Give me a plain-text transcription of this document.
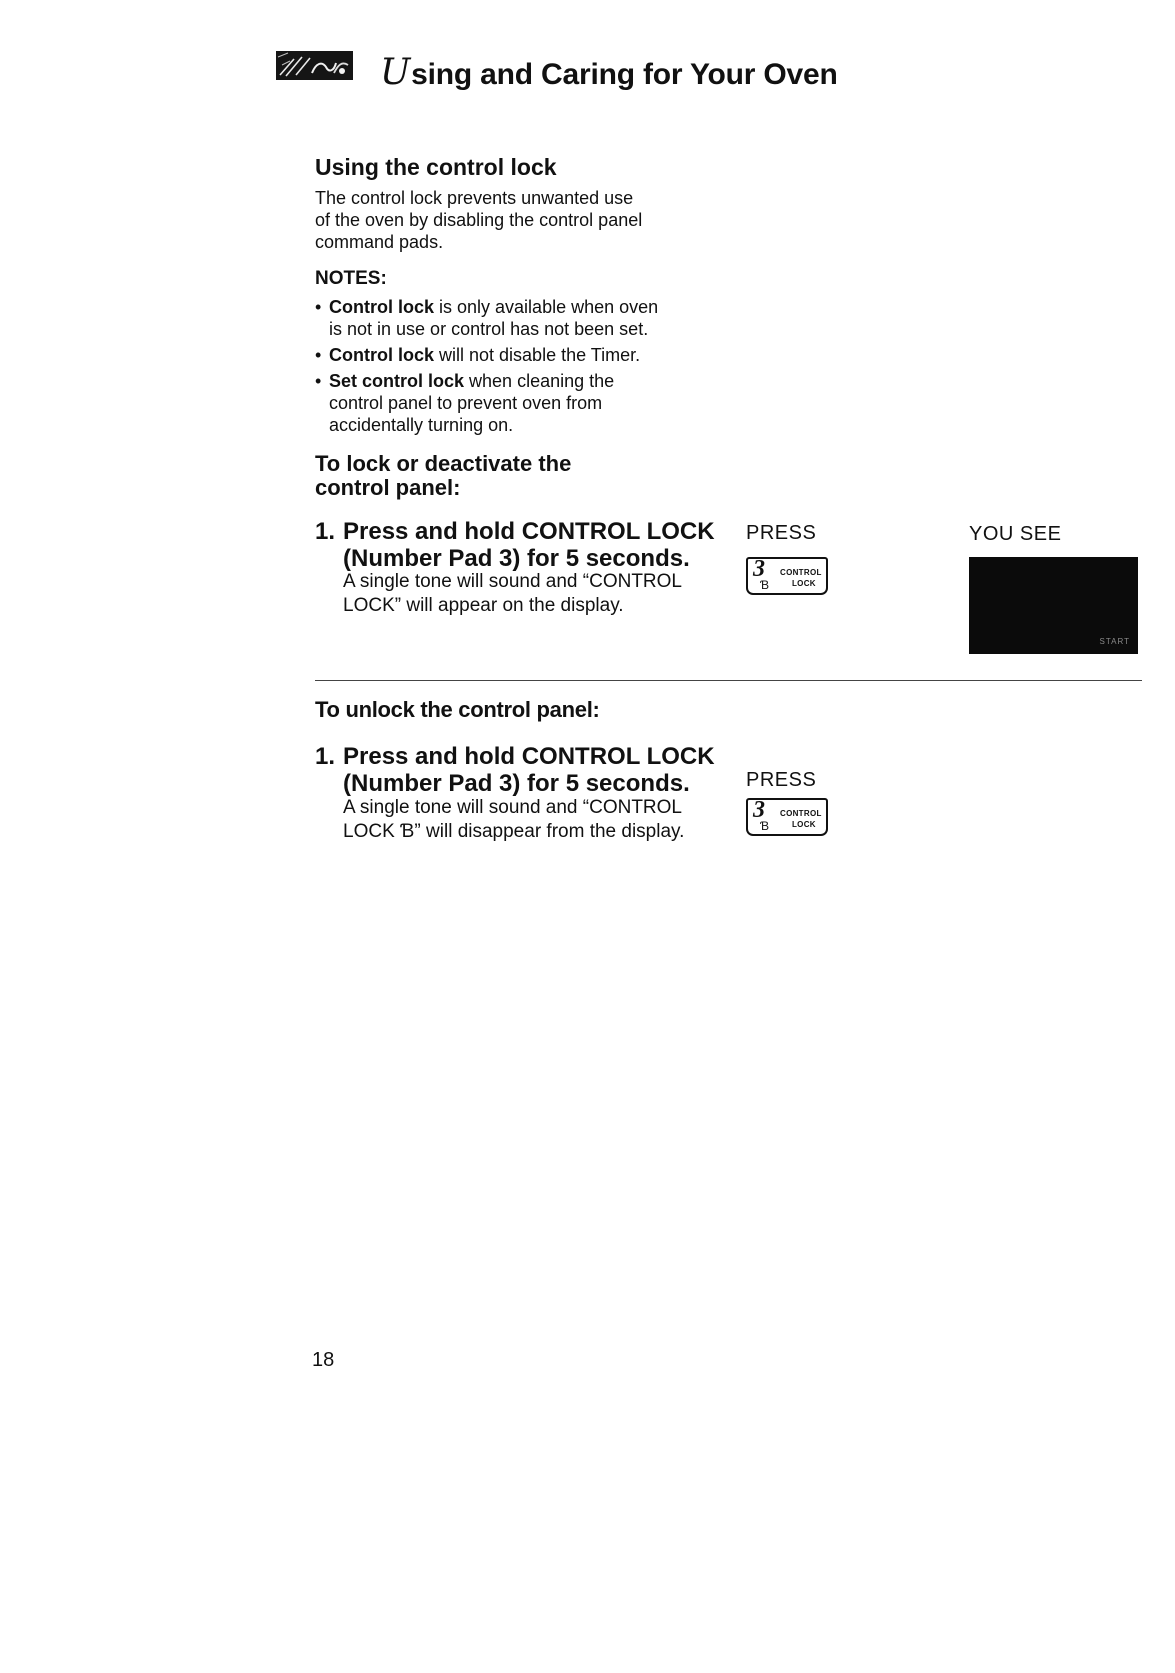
Using and Caring for Your Oven
Using the control lock
The control lock prevents unwanted use
of the oven by disabling the control panel
command pads.
NOTES:
• Control lock is only available when oven
is not in use or control has not been set.
• Control lock will not disable the Timer.
• Set control lock when cleaning the
control panel to prevent oven from
accidentally turning on.
To lock or deactivate the
control panel:
1. Press and hold CONTROL LOCK
(Number Pad 3) for 5 seconds.
A single tone will sound and “CONTROL
LOCK” will appear on the display.
PRESS
3
Ɓ
CONTROL
LOCK
YOU SEE
START
To unlock the control panel:
1. Press and hold CONTROL LOCK
(Number Pad 3) for 5 seconds.
A single tone will sound and “CONTROL
LOCK Ɓ” will disappear from the display.
PRESS
3
Ɓ
CONTROL
LOCK
18
